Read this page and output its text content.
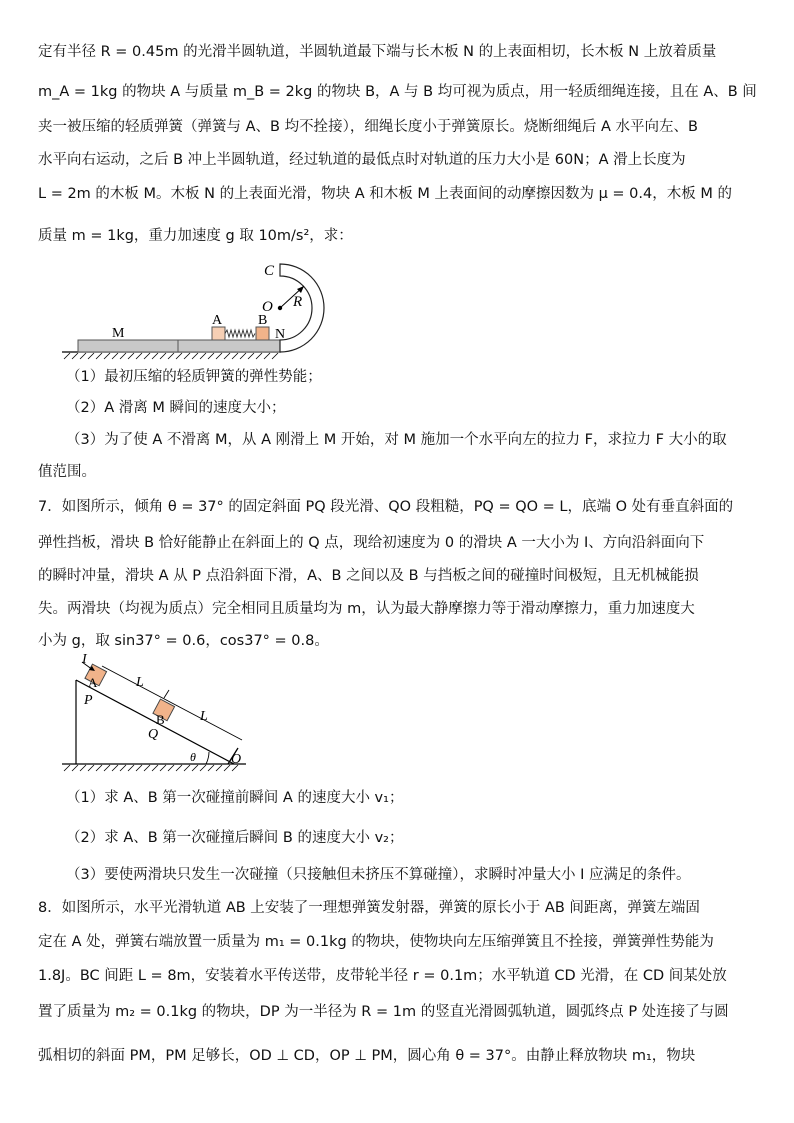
定有半径 R = 0.45m 的光滑半圆轨道，半圆轨道最下端与长木板 N 的上表面相切，长木板 N 上放着质量
m_A = 1kg 的物块 A 与质量 m_B = 2kg 的物块 B，A 与 B 均可视为质点，用一轻质细绳连接，且在 A、B 间
夹一被压缩的轻质弹簧（弹簧与 A、B 均不拴接），细绳长度小于弹簧原长。烧断细绳后 A 水平向左、B
水平向右运动，之后 B 冲上半圆轨道，经过轨道的最低点时对轨道的压力大小是 60N；A 滑上长度为
L = 2m 的木板 M。木板 N 的上表面光滑，物块 A 和木板 M 上表面间的动摩擦因数为 μ = 0.4，木板 M 的
质量 m = 1kg，重力加速度 g 取 10m/s²，求：
M
A	B
N
C
O R
（1）最初压缩的轻质钾簧的弹性势能；
（2）A 滑离 M 瞬间的速度大小；
（3）为了使 A 不滑离 M，从 A 刚滑上 M 开始，对 M 施加一个水平向左的拉力 F，求拉力 F 大小的取
值范围。
7．如图所示，倾角 θ = 37° 的固定斜面 PQ 段光滑、QO 段粗糙，PQ = QO = L，底端 O 处有垂直斜面的
弹性挡板，滑块 B 恰好能静止在斜面上的 Q 点，现给初速度为 0 的滑块 A 一大小为 I、方向沿斜面向下
的瞬时冲量，滑块 A 从 P 点沿斜面下滑，A、B 之间以及 B 与挡板之间的碰撞时间极短，且无机械能损
失。两滑块（均视为质点）完全相同且质量均为 m，认为最大静摩擦力等于滑动摩擦力，重力加速度大
小为 g，取 sin37° = 0.6，cos37° = 0.8。
I
A
P
L
B
Q
L
θ	O
（1）求 A、B 第一次碰撞前瞬间 A 的速度大小 v₁；
（2）求 A、B 第一次碰撞后瞬间 B 的速度大小 v₂；
（3）要使两滑块只发生一次碰撞（只接触但未挤压不算碰撞），求瞬时冲量大小 I 应满足的条件。
8．如图所示，水平光滑轨道 AB 上安装了一理想弹簧发射器，弹簧的原长小于 AB 间距离，弹簧左端固
定在 A 处，弹簧右端放置一质量为 m₁ = 0.1kg 的物块，使物块向左压缩弹簧且不拴接，弹簧弹性势能为
1.8J。BC 间距 L = 8m，安装着水平传送带，皮带轮半径 r = 0.1m；水平轨道 CD 光滑，在 CD 间某处放
置了质量为 m₂ = 0.1kg 的物块，DP 为一半径为 R = 1m 的竖直光滑圆弧轨道，圆弧终点 P 处连接了与圆
弧相切的斜面 PM，PM 足够长，OD ⊥ CD，OP ⊥ PM，圆心角 θ = 37°。由静止释放物块 m₁，物块
